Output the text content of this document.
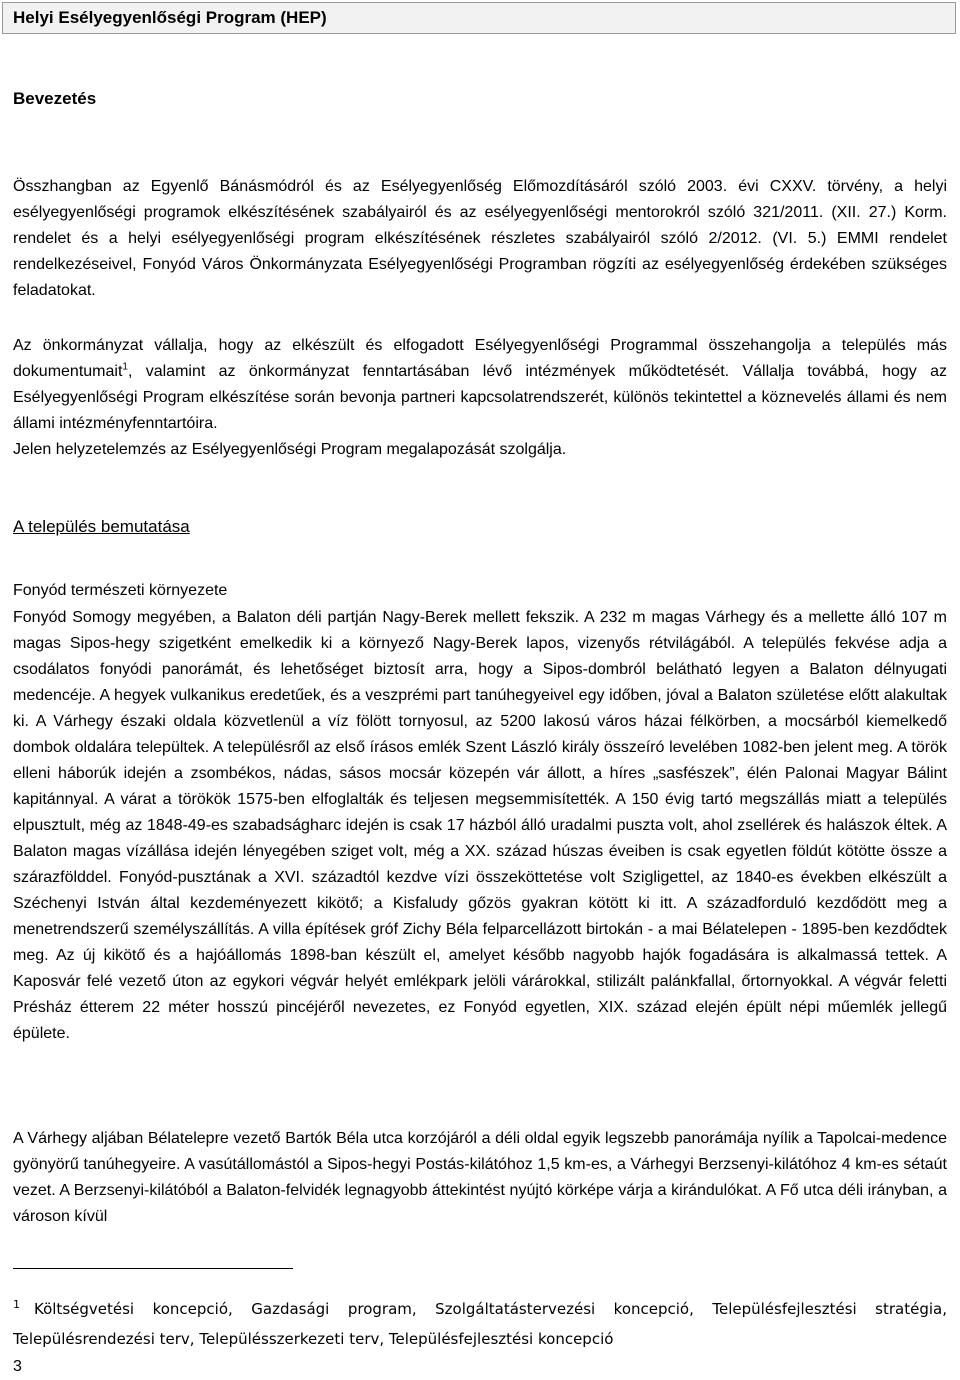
Helyi Esélyegyenlőségi Program (HEP)
Bevezetés
Összhangban az Egyenlő Bánásmódról és az Esélyegyenlőség Előmozdításáról szóló 2003. évi CXXV. törvény, a helyi esélyegyenlőségi programok elkészítésének szabályairól és az esélyegyenlőségi mentorokról szóló 321/2011. (XII. 27.) Korm. rendelet és a helyi esélyegyenlőségi program elkészítésének részletes szabályairól szóló 2/2012. (VI. 5.) EMMI rendelet rendelkezéseivel, Fonyód Város Önkormányzata Esélyegyenlőségi Programban rögzíti az esélyegyenlőség érdekében szükséges feladatokat.
Az önkormányzat vállalja, hogy az elkészült és elfogadott Esélyegyenlőségi Programmal összehangolja a település más dokumentumait$^1$, valamint az önkormányzat fenntartásában lévő intézmények működtetését. Vállalja továbbá, hogy az Esélyegyenlőségi Program elkészítése során bevonja partneri kapcsolatrendszerét, különös tekintettel a köznevelés állami és nem állami intézményfenntartóira.
Jelen helyzetelemzés az Esélyegyenlőségi Program megalapozását szolgálja.
A település bemutatása
Fonyód természeti környezete
Fonyód Somogy megyében, a Balaton déli partján Nagy-Berek mellett fekszik. A 232 m magas Várhegy és a mellette álló 107 m magas Sipos-hegy szigetként emelkedik ki a környező Nagy-Berek lapos, vizenyős rétvilágából. A település fekvése adja a csodálatos fonyódi panorámát, és lehetőséget biztosít arra, hogy a Sipos-dombról belátható legyen a Balaton délnyugati medencéje. A hegyek vulkanikus eredetűek, és a veszprémi part tanúhegyeivel egy időben, jóval a Balaton születése előtt alakultak ki. A Várhegy északi oldala közvetlenül a víz fölött tornyosul, az 5200 lakosú város házai félkörben, a mocsárból kiemelkedő dombok oldalára települtek. A településről az első írásos emlék Szent László király összeíró levelében 1082-ben jelent meg. A török elleni háborúk idején a zsombékos, nádas, sásos mocsár közepén vár állott, a híres „sasfészek”, élén Palonai Magyar Bálint kapitánnyal. A várat a törökök 1575-ben elfoglalták és teljesen megsemmisítették. A 150 évig tartó megszállás miatt a település elpusztult, még az 1848-49-es szabadságharc idején is csak 17 házból álló uradalmi puszta volt, ahol zsellérek és halászok éltek. A Balaton magas vízállása idején lényegében sziget volt, még a XX. század húszas éveiben is csak egyetlen földút kötötte össze a szárazfölddel. Fonyód-pusztának a XVI. századtól kezdve vízi összeköttetése volt Szigligettel, az 1840-es években elkészült a Széchenyi István által kezdeményezett kikötő; a Kisfaludy gőzös gyakran kötött ki itt. A századforduló kezdődött meg a menetrendszerű személyszállítás. A villa építések gróf Zichy Béla felparcellázott birtokán - a mai Bélatelepen - 1895-ben kezdődtek meg. Az új kikötő és a hajóállomás 1898-ban készült el, amelyet később nagyobb hajók fogadására is alkalmassá tettek. A Kaposvár felé vezető úton az egykori végvár helyét emlékpark jelöli várárokkal, stilizált palánkfallal, őrtornyokkal. A végvár feletti Présház étterem 22 méter hosszú pincéjéről nevezetes, ez Fonyód egyetlen, XIX. század elején épült népi műemlék jellegű épülete.
A Várhegy aljában Bélatelepre vezető Bartók Béla utca korzójáról a déli oldal egyik legszebb panorámája nyílik a Tapolcai-medence gyönyörű tanúhegyeire. A vasútállomástól a Sipos-hegyi Postás-kilátóhoz 1,5 km-es, a Várhegyi Berzsenyi-kilátóhoz 4 km-es sétaút vezet. A Berzsenyi-kilátóból a Balaton-felvidék legnagyobb áttekintést nyújtó körképe várja a kirándulókat. A Fő utca déli irányban, a városon kívül
$^1$ Költségvetési koncepció, Gazdasági program, Szolgáltatástervezési koncepció, Településfejlesztési stratégia, Településrendezési terv, Településszerkezeti terv, Településfejlesztési koncepció
3
